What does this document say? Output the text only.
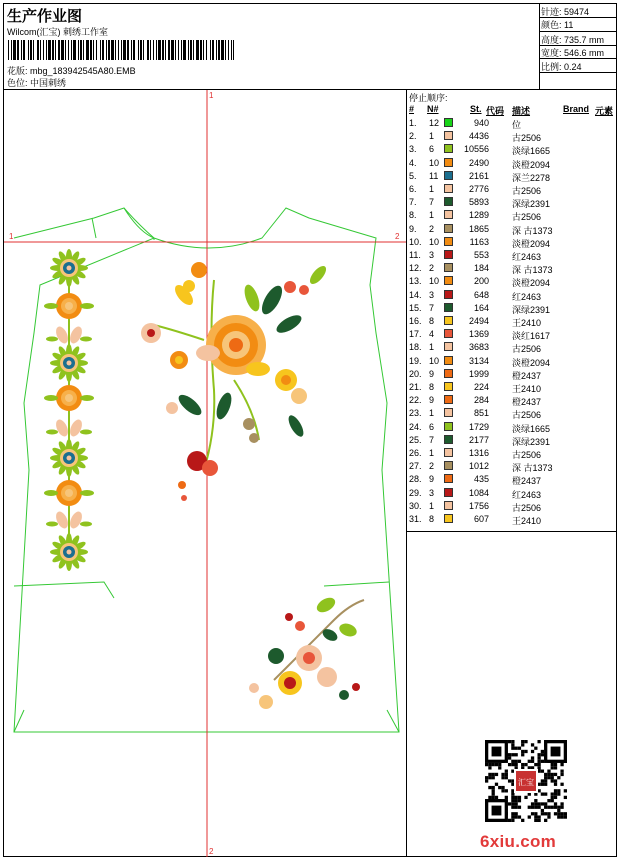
生产作业图
Wilcom(汇宝) 刺绣工作室
花版: mbg_183942545A80.EMB
色位: 中国刺绣
针迹: 59474
颜色: 11
高度: 735.7 mm
宽度: 546.6 mm
比例: 0.24
1	2
1
2
停止顺序:
# N#	St. 代码 描述	Brand 元素
1. 12	940	位
2. 1	4436	古2506
3. 6	10556	淡绿1665
4. 10	2490	淡橙2094
5. 11	2161	深兰2278
6. 1	2776	古2506
7. 7	5893	深绿2391
8. 1	1289	古2506
9. 2	1865	深 古1373
10. 10	1163	淡橙2094
11. 3	553	红2463
12. 2	184	深 古1373
13. 10	200	淡橙2094
14. 3	648	红2463
15. 7	164	深绿2391
16. 8	2494	王2410
17. 4	1369	淡红1617
18. 1	3683	古2506
19. 10	3134	淡橙2094
20. 9	1999	橙2437
21. 8	224	王2410
22. 9	284	橙2437
23. 1	851	古2506
24. 6	1729	淡绿1665
25. 7	2177	深绿2391
26. 1	1316	古2506
27. 2	1012	深 古1373
28. 9	435	橙2437
29. 3	1084	红2463
30. 1	1756	古2506
31. 8	607	王2410
汇宝
6xiu.com
